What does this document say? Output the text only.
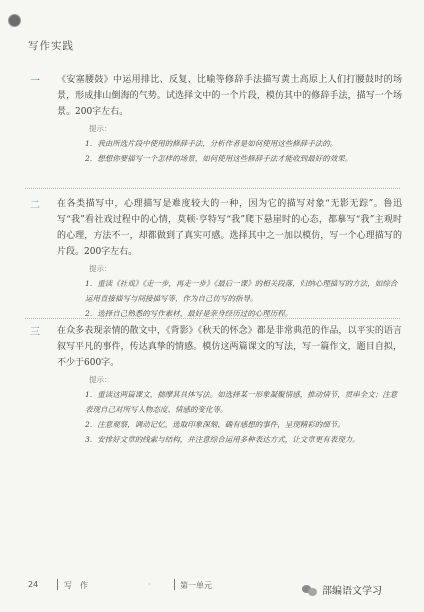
写作实践
一 《安塞腰鼓》中运用排比、反复、比喻等修辞手法描写黄土高原上人们打腰鼓时的场景，形成排山倒海的气势。试选择文中的一个片段，模仿其中的修辞手法，描写一个场景。200字左右。

提示：

1．我由所选片段中使用的修辞手法，分析作者是如何使用这些修辞手法的。

2．想想你要描写一个怎样的场景，如何使用这些修辞手法才能收到最好的效果。

二 在各类描写中，心理描写是难度较大的一种，因为它的描写对象“无影无踪”。鲁迅写“我”看社戏过程中的心情，莫顿·亨特写“我”爬下悬崖时的心态，都摹写“我”主观时的心理，方法不一，却都做到了真实可感。选择其中之一加以模仿，写一个心理描写的片段。200字左右。

提示：

1．重读《社戏》《走一步，再走一步》《最后一课》的相关段落，归纳心理描写的方法，如综合运用直接描写与间接描写等，作为自己仿写的指导。

2．选择自己熟悉的写作素材，最好是亲身经历过的心理历程。

三 在众多表现亲情的散文中，《背影》《秋天的怀念》都是非常典范的作品，以平实的语言叙写平凡的事件，传达真挚的情感。模仿这两篇课文的写法，写一篇作文，题目自拟，不少于600字。

提示：

1．重读这两篇课文，揣摩其具体写法。如选择某一形象凝聚情感，推动情节，贯串全文；注意表现自己对所写人物态度、情感的变化等。

2．注意观察，调动记忆，选取印象深刻、确有感想的事件，呈现精彩的细节。

3．安排好文章的线索与结构，并注意综合运用多种表达方式，让文章更有表现力。

24	写　作	·	第一单元
部编语文学习
